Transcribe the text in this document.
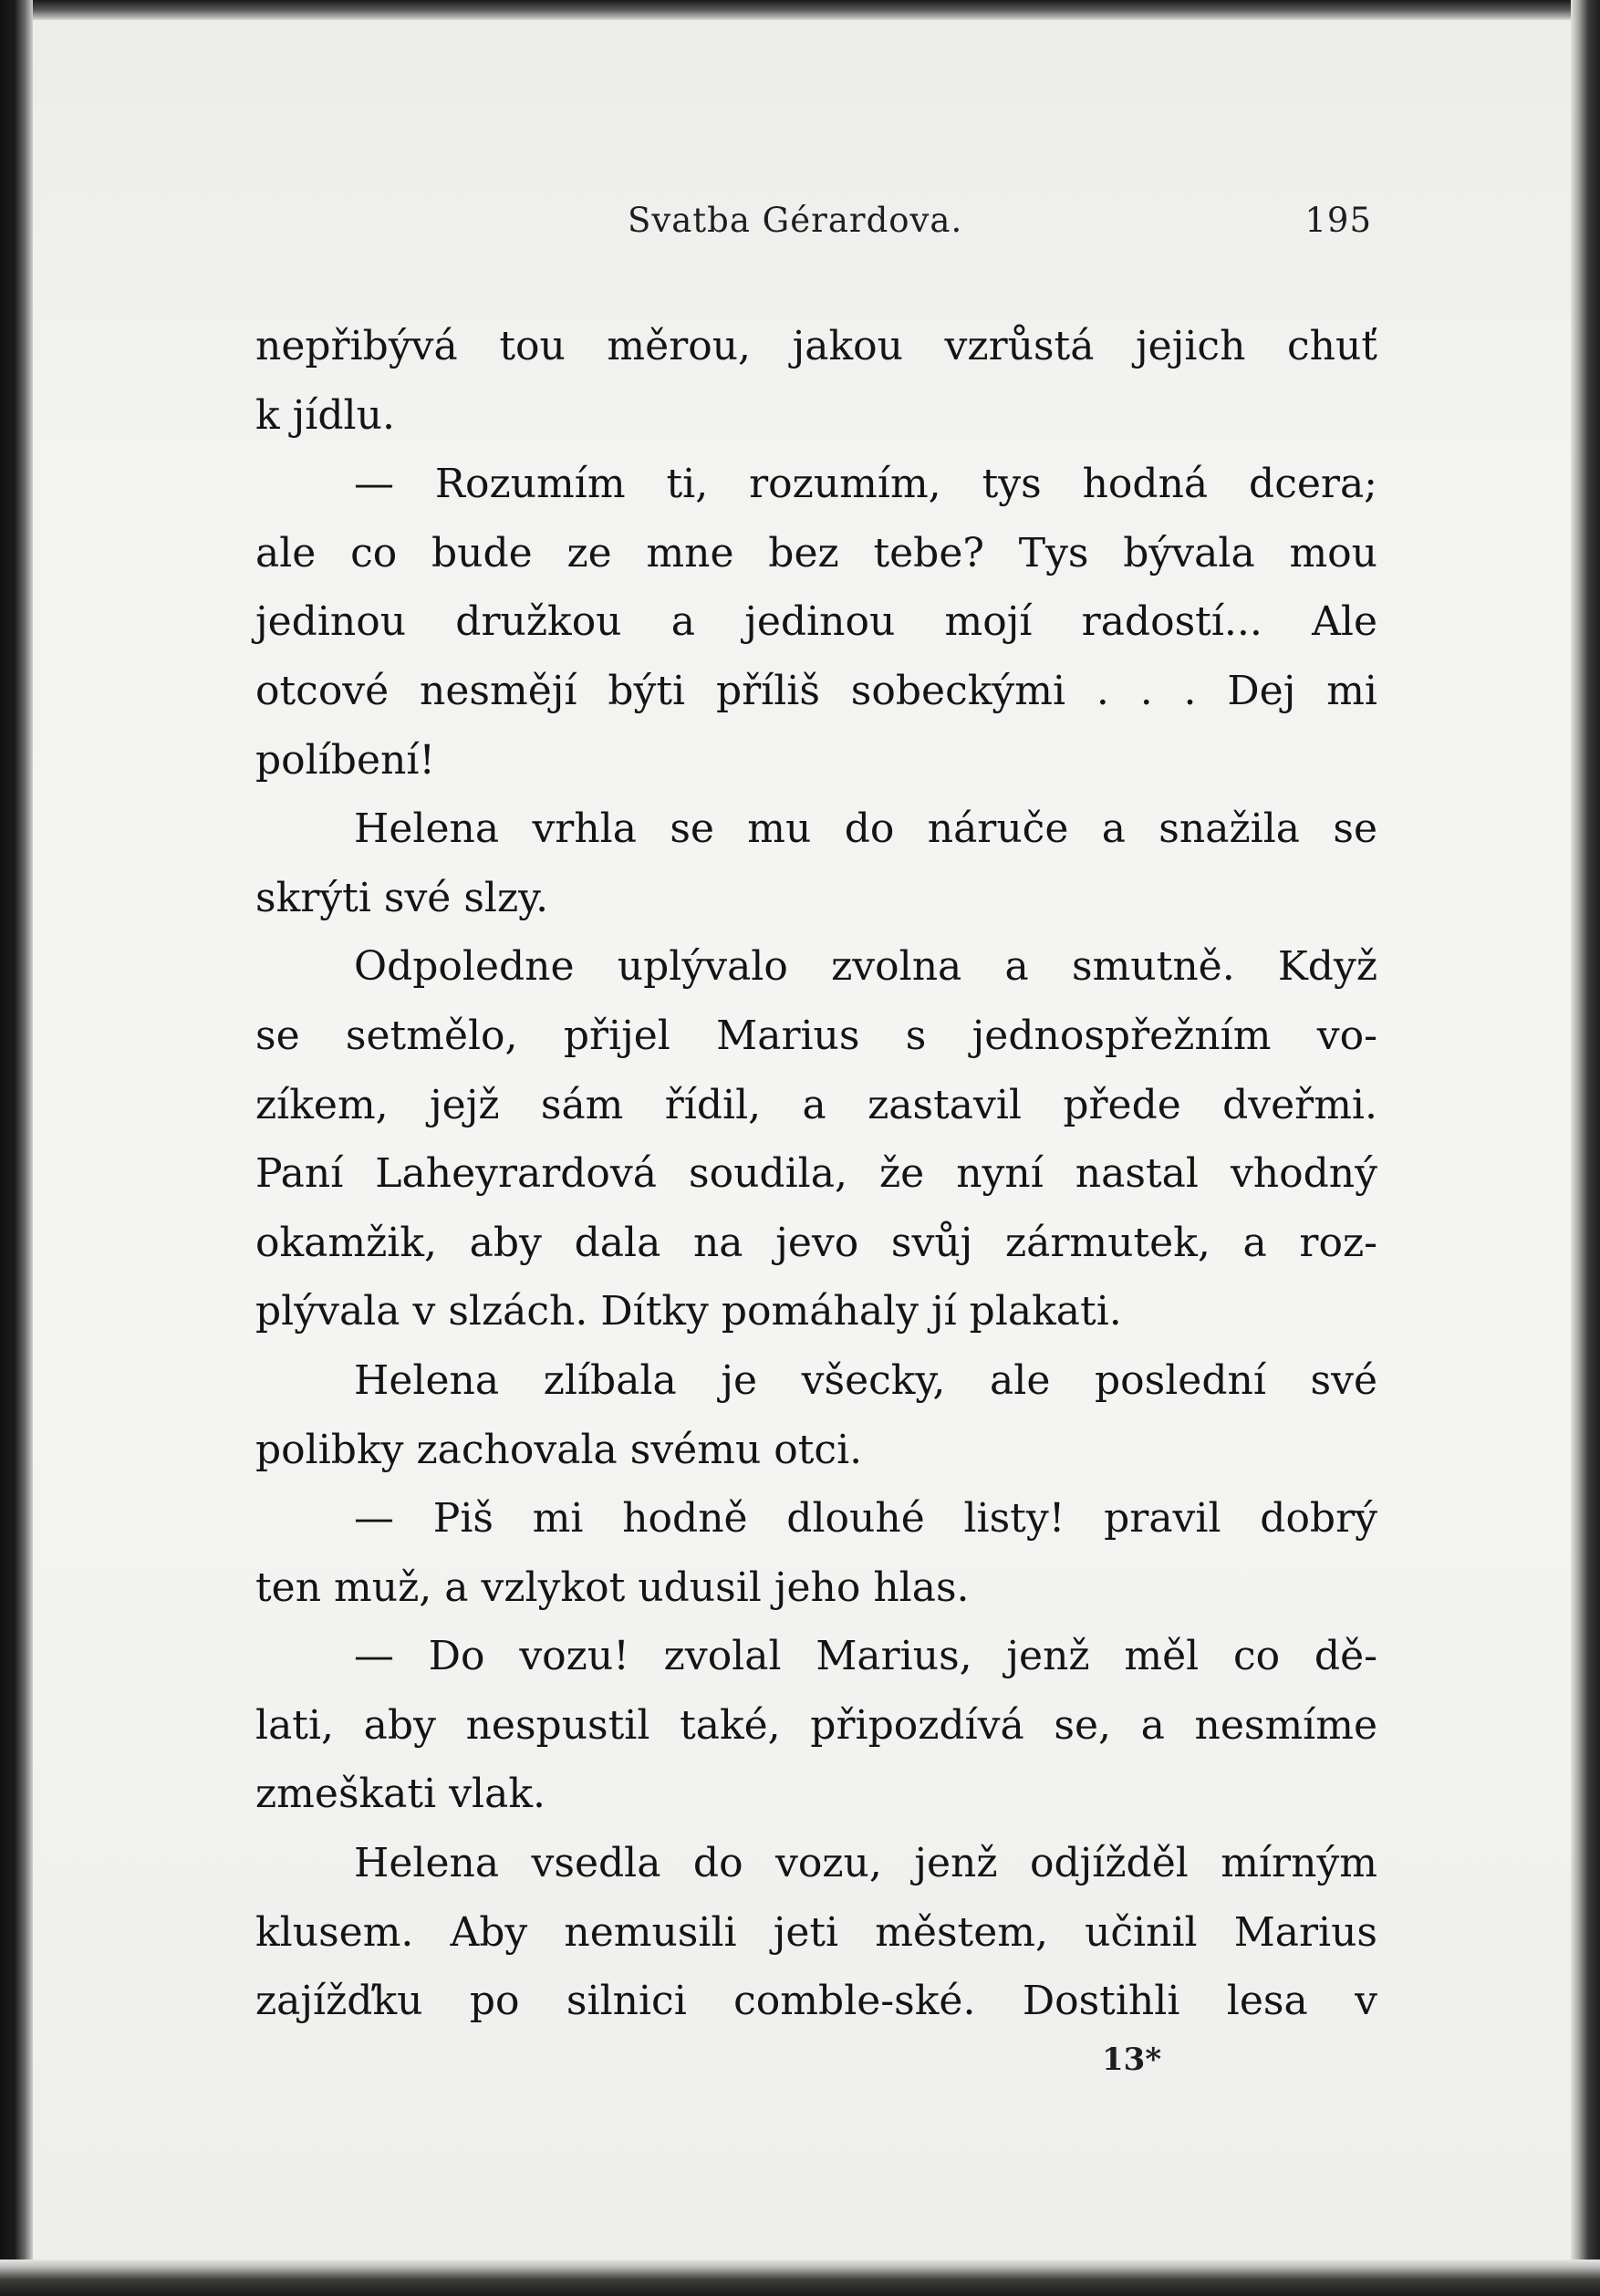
Svatba Gérardova.	195
nepřibývá tou měrou, jakou vzrůstá jejich chuť
k jídlu.
— Rozumím ti, rozumím, tys hodná dcera;
ale co bude ze mne bez tebe? Tys bývala mou
jedinou družkou a jedinou mojí radostí... Ale
otcové nesmějí býti příliš sobeckými . . . Dej mi
políbení!
Helena vrhla se mu do náruče a snažila se
skrýti své slzy.
Odpoledne uplývalo zvolna a smutně. Když
se setmělo, přijel Marius s jednospřežním vo-
zíkem, jejž sám řídil, a zastavil přede dveřmi.
Paní Laheyrardová soudila, že nyní nastal vhodný
okamžik, aby dala na jevo svůj zármutek, a roz-
plývala v slzách. Dítky pomáhaly jí plakati.
Helena zlíbala je všecky, ale poslední své
polibky zachovala svému otci.
— Piš mi hodně dlouhé listy! pravil dobrý
ten muž, a vzlykot udusil jeho hlas.
— Do vozu! zvolal Marius, jenž měl co dě-
lati, aby nespustil také, připozdívá se, a nesmíme
zmeškati vlak.
Helena vsedla do vozu, jenž odjížděl mírným
klusem. Aby nemusili jeti městem, učinil Marius
zajížďku po silnici comble-ské. Dostihli lesa v
13*
